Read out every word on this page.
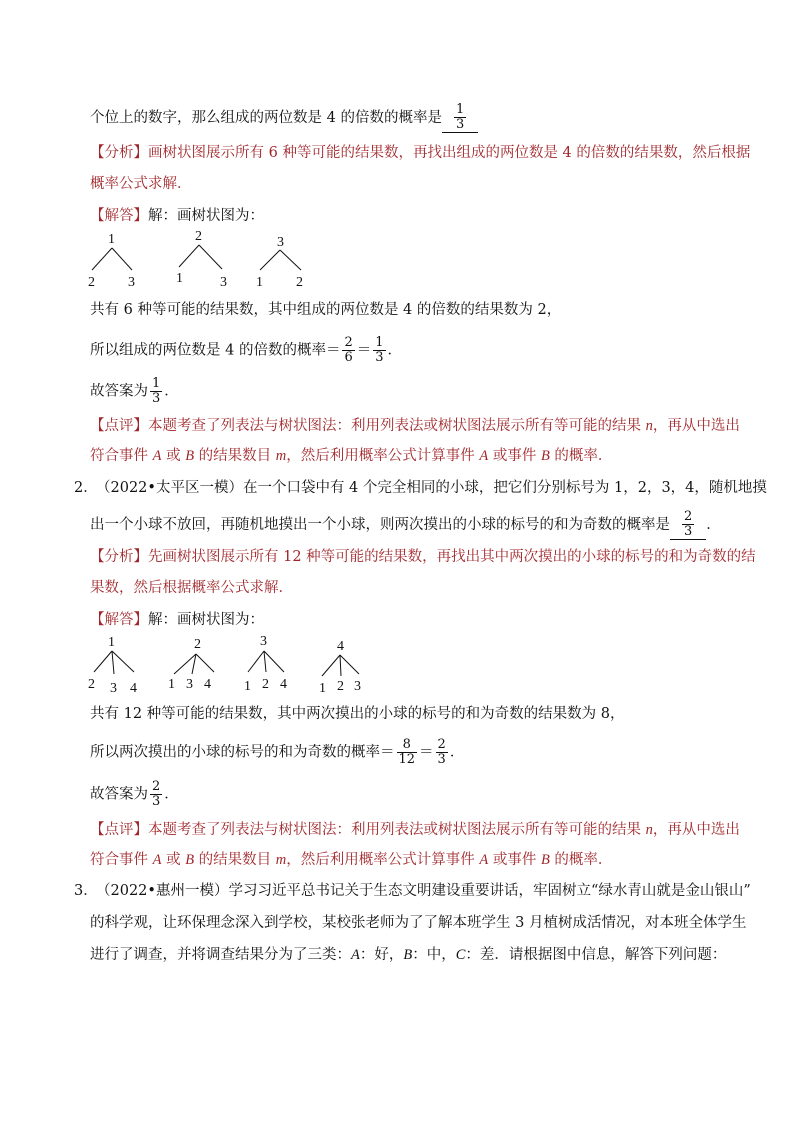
个位上的数字，那么组成的两位数是 4 的倍数的概率是 $\frac{1}{3}$
【分析】画树状图展示所有 6 种等可能的结果数，再找出组成的两位数是 4 的倍数的结果数，然后根据
概率公式求解．
【解答】解：画树状图为：
1
2 3
2
1	3
3
1 2
共有 6 种等可能的结果数，其中组成的两位数是 4 的倍数的结果数为 2，
所以组成的两位数是 4 的倍数的概率＝ $\frac{2}{6} = \frac{1}{3}$ ．
故答案为 $\frac{1}{3}$ ．
【点评】本题考查了列表法与树状图法：利用列表法或树状图法展示所有等可能的结果 n，再从中选出
符合事件 A 或 B 的结果数目 m，然后利用概率公式计算事件 A 或事件 B 的概率．
2．
（2022•太平区一模）在一个口袋中有 4 个完全相同的小球，把它们分别标号为 1，2，3，4，随机地摸
出一个小球不放回，再随机地摸出一个小球，则两次摸出的小球的标号的和为奇数的概率是 $\frac{2}{3}$ ．
【分析】先画树状图展示所有 12 种等可能的结果数，再找出其中两次摸出的小球的标号的和为奇数的结
果数，然后根据概率公式求解．
【解答】解：画树状图为：
1
2 3 4
2
1 3 4
3
1 2 4
4
1 2 3
共有 12 种等可能的结果数，其中两次摸出的小球的标号的和为奇数的结果数为 8，
所以两次摸出的小球的标号的和为奇数的概率＝ $\frac{8}{12} = \frac{2}{3}$ ．
故答案为 $\frac{2}{3}$ ．
【点评】本题考查了列表法与树状图法：利用列表法或树状图法展示所有等可能的结果 n，再从中选出
符合事件 A 或 B 的结果数目 m，然后利用概率公式计算事件 A 或事件 B 的概率．
3．
（2022•惠州一模）学习习近平总书记关于生态文明建设重要讲话，牢固树立“绿水青山就是金山银山”
的科学观，让环保理念深入到学校，某校张老师为了了解本班学生 3 月植树成活情况，对本班全体学生
进行了调查，并将调查结果分为了三类：A：好，B：中，C：差．请根据图中信息，解答下列问题：
